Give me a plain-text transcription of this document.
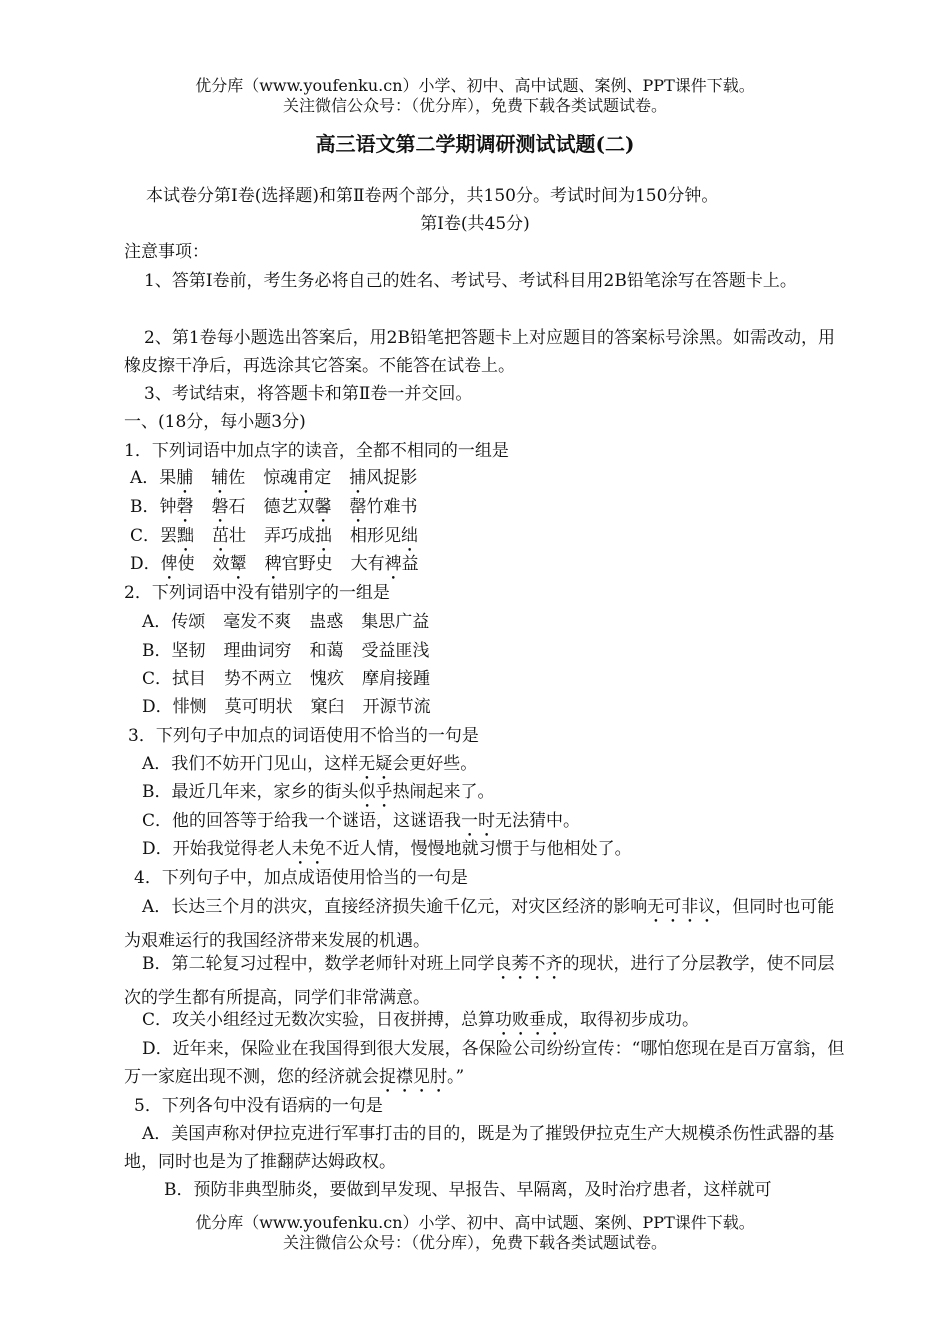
优分库（www.youfenku.cn）小学、初中、高中试题、案例、PPT课件下载。
关注微信公众号：（优分库），免费下载各类试题试卷。
高三语文第二学期调研测试试题(二)
本试卷分第Ⅰ卷(选择题)和第Ⅱ卷两个部分，共150分。考试时间为150分钟。
第Ⅰ卷(共45分)
注意事项：
1、答第Ⅰ卷前，考生务必将自己的姓名、考试号、考试科目用2B铅笔涂写在答题卡上。
2、第1卷每小题选出答案后，用2B铅笔把答题卡上对应题目的答案标号涂黑。如需改动，用橡皮擦干净后，再选涂其它答案。不能答在试卷上。
3、考试结束，将答题卡和第Ⅱ卷一并交回。
一、(18分，每小题3分)
1．下列词语中加点字的读音，全都不相同的一组是
A．果脯 辅佐 惊魂甫定 捕风捉影
B．钟磬 磐石 德艺双馨 罄竹难书
C．罢黜 茁壮 弄巧成拙 相形见绌
D．俾使 效颦 稗官野史 大有裨益
2．下列词语中没有错别字的一组是
A．传颂 毫发不爽 蛊惑 集思广益
B．坚韧 理曲词穷 和蔼 受益匪浅
C．拭目 势不两立 愧疚 摩肩接踵
D．悱恻 莫可明状 窠臼 开源节流
3．下列句子中加点的词语使用不恰当的一句是
A．我们不妨开门见山，这样无疑会更好些。
B．最近几年来，家乡的街头似乎热闹起来了。
C．他的回答等于给我一个谜语，这谜语我一时无法猜中。
D．开始我觉得老人未免不近人情，慢慢地就习惯于与他相处了。
4．下列句子中，加点成语使用恰当的一句是
A．长达三个月的洪灾，直接经济损失逾千亿元，对灾区经济的影响无可非议，但同时也可能为艰难运行的我国经济带来发展的机遇。
B．第二轮复习过程中，数学老师针对班上同学良莠不齐的现状，进行了分层教学，使不同层次的学生都有所提高，同学们非常满意。
C．攻关小组经过无数次实验，日夜拼搏，总算功败垂成，取得初步成功。
D．近年来，保险业在我国得到很大发展，各保险公司纷纷宣传：“哪怕您现在是百万富翁，但万一家庭出现不测，您的经济就会捉襟见肘。”
5．下列各句中没有语病的一句是
A．美国声称对伊拉克进行军事打击的目的，既是为了摧毁伊拉克生产大规模杀伤性武器的基地，同时也是为了推翻萨达姆政权。
B．预防非典型肺炎，要做到早发现、早报告、早隔离，及时治疗患者，这样就可
优分库（www.youfenku.cn）小学、初中、高中试题、案例、PPT课件下载。
关注微信公众号：（优分库），免费下载各类试题试卷。
